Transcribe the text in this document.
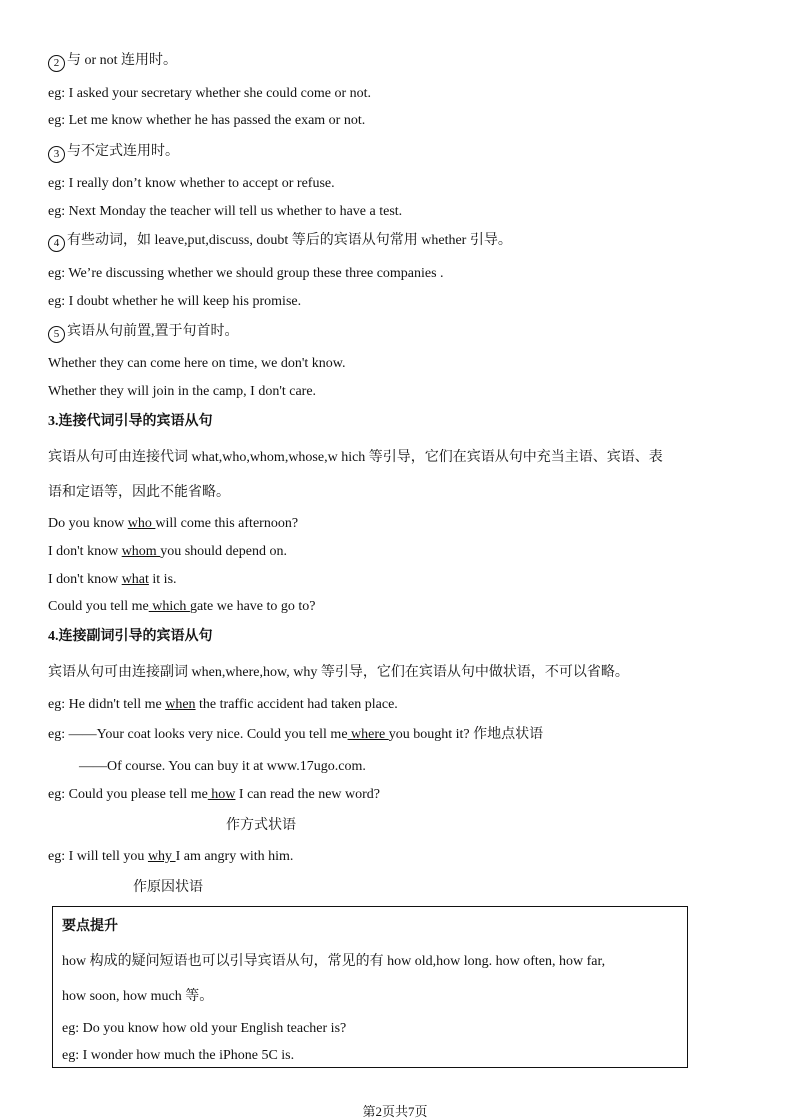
2 与 or not 连用时。
eg: I asked your secretary whether she could come or not.
eg: Let me know whether he has passed the exam or not.
3 与不定式连用时。
eg: I really don’t know whether to accept or refuse.
eg: Next Monday the teacher will tell us whether to have a test.
4 有些动词，如 leave,put,discuss, doubt 等后的宾语从句常用 whether 引导。
eg: We’re discussing whether we should group these three companies .
eg: I doubt whether he will keep his promise.
5 宾语从句前置,置于句首时。
Whether they can come here on time, we don't know.
Whether they will join in the camp, I don't care.
3.连接代词引导的宾语从句
宾语从句可由连接代词 what,who,whom,whose,w hich 等引导，它们在宾语从句中充当主语、宾语、表
语和定语等，因此不能省略。
Do you know who will come this afternoon?
I don't know whom you should depend on.
I don't know what it is.
Could you tell me which gate we have to go to?
4.连接副词引导的宾语从句
宾语从句可由连接副词 when,where,how, why 等引导，它们在宾语从句中做状语，不可以省略。
eg: He didn't tell me when the traffic accident had taken place.
eg: ——Your coat looks very nice. Could you tell me where you bought it? 作地点状语
——Of course. You can buy it at www.17ugo.com.
eg: Could you please tell me how I can read the new word?
作方式状语
eg: I will tell you why I am angry with him.
作原因状语
要点提升
how 构成的疑问短语也可以引导宾语从句，常见的有 how old,how long. how often, how far,
how soon, how much 等。
eg: Do you know how old your English teacher is?
eg: I wonder how much the iPhone 5C is.
第2页共7页
